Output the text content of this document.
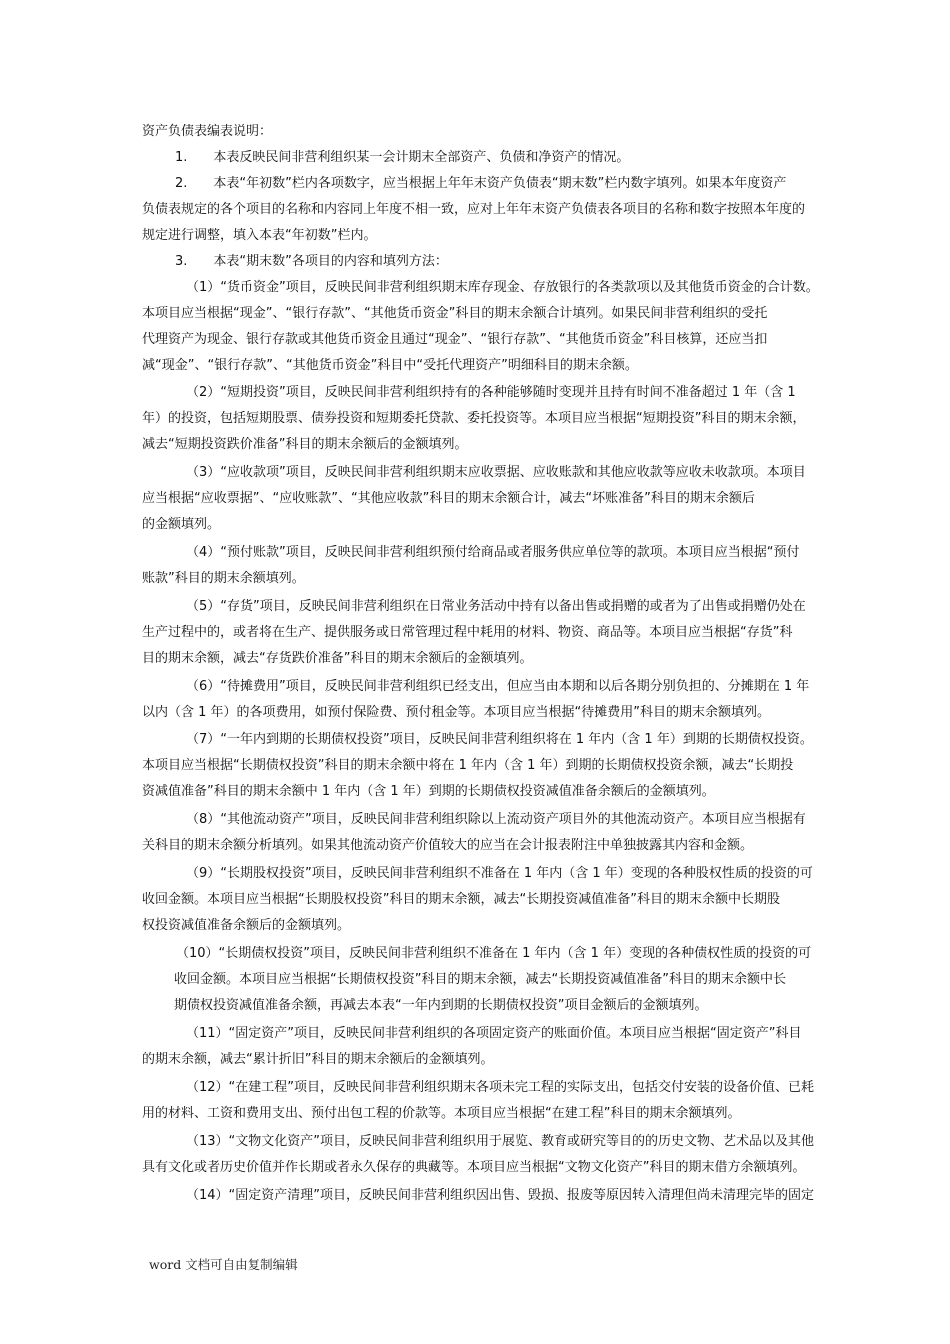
资产负债表编表说明：

1.　　本表反映民间非营利组织某一会计期末全部资产、负债和净资产的情况。

2.　　本表“年初数”栏内各项数字，应当根据上年年末资产负债表“期末数”栏内数字填列。如果本年度资产

负债表规定的各个项目的名称和内容同上年度不相一致，应对上年年末资产负债表各项目的名称和数字按照本年度的

规定进行调整，填入本表“年初数”栏内。

3.　　本表“期末数”各项目的内容和填列方法：

（1）“货币资金”项目，反映民间非营利组织期末库存现金、存放银行的各类款项以及其他货币资金的合计数。

本项目应当根据“现金”、“银行存款”、“其他货币资金”科目的期末余额合计填列。如果民间非营利组织的受托

代理资产为现金、银行存款或其他货币资金且通过“现金”、“银行存款”、“其他货币资金”科目核算，还应当扣

减“现金”、“银行存款”、“其他货币资金”科目中“受托代理资产”明细科目的期末余额。

（2）“短期投资”项目，反映民间非营利组织持有的各种能够随时变现并且持有时间不准备超过 1 年（含 1

年）的投资，包括短期股票、债券投资和短期委托贷款、委托投资等。本项目应当根据“短期投资”科目的期末余额，

减去“短期投资跌价准备”科目的期末余额后的金额填列。

（3）“应收款项”项目，反映民间非营利组织期末应收票据、应收账款和其他应收款等应收未收款项。本项目

应当根据“应收票据”、“应收账款”、“其他应收款”科目的期末余额合计，减去“坏账准备”科目的期末余额后

的金额填列。

（4）“预付账款”项目，反映民间非营利组织预付给商品或者服务供应单位等的款项。本项目应当根据“预付

账款”科目的期末余额填列。

（5）“存货”项目，反映民间非营利组织在日常业务活动中持有以备出售或捐赠的或者为了出售或捐赠仍处在

生产过程中的，或者将在生产、提供服务或日常管理过程中耗用的材料、物资、商品等。本项目应当根据“存货”科

目的期末余额，减去“存货跌价准备”科目的期末余额后的金额填列。

（6）“待摊费用”项目，反映民间非营利组织已经支出，但应当由本期和以后各期分别负担的、分摊期在 1 年

以内（含 1 年）的各项费用，如预付保险费、预付租金等。本项目应当根据“待摊费用”科目的期末余额填列。

（7）“一年内到期的长期债权投资”项目，反映民间非营利组织将在 1 年内（含 1 年）到期的长期债权投资。

本项目应当根据“长期债权投资”科目的期末余额中将在 1 年内（含 1 年）到期的长期债权投资余额，减去“长期投

资减值准备”科目的期末余额中 1 年内（含 1 年）到期的长期债权投资减值准备余额后的金额填列。

（8）“其他流动资产”项目，反映民间非营利组织除以上流动资产项目外的其他流动资产。本项目应当根据有

关科目的期末余额分析填列。如果其他流动资产价值较大的应当在会计报表附注中单独披露其内容和金额。

（9）“长期股权投资”项目，反映民间非营利组织不准备在 1 年内（含 1 年）变现的各种股权性质的投资的可

收回金额。本项目应当根据“长期股权投资”科目的期末余额，减去“长期投资减值准备”科目的期末余额中长期股

权投资减值准备余额后的金额填列。

（10）“长期债权投资”项目，反映民间非营利组织不准备在 1 年内（含 1 年）变现的各种债权性质的投资的可

收回金额。本项目应当根据“长期债权投资”科目的期末余额，减去“长期投资减值准备”科目的期末余额中长

期债权投资减值准备余额，再减去本表“一年内到期的长期债权投资”项目金额后的金额填列。

（11）“固定资产”项目，反映民间非营利组织的各项固定资产的账面价值。本项目应当根据“固定资产”科目

的期末余额，减去“累计折旧”科目的期末余额后的金额填列。

（12）“在建工程”项目，反映民间非营利组织期末各项未完工程的实际支出，包括交付安装的设备价值、已耗

用的材料、工资和费用支出、预付出包工程的价款等。本项目应当根据“在建工程”科目的期末余额填列。

（13）“文物文化资产”项目，反映民间非营利组织用于展览、教育或研究等目的的历史文物、艺术品以及其他

具有文化或者历史价值并作长期或者永久保存的典藏等。本项目应当根据“文物文化资产”科目的期末借方余额填列。

（14）“固定资产清理”项目，反映民间非营利组织因出售、毁损、报废等原因转入清理但尚未清理完毕的固定

word 文档可自由复制编辑
